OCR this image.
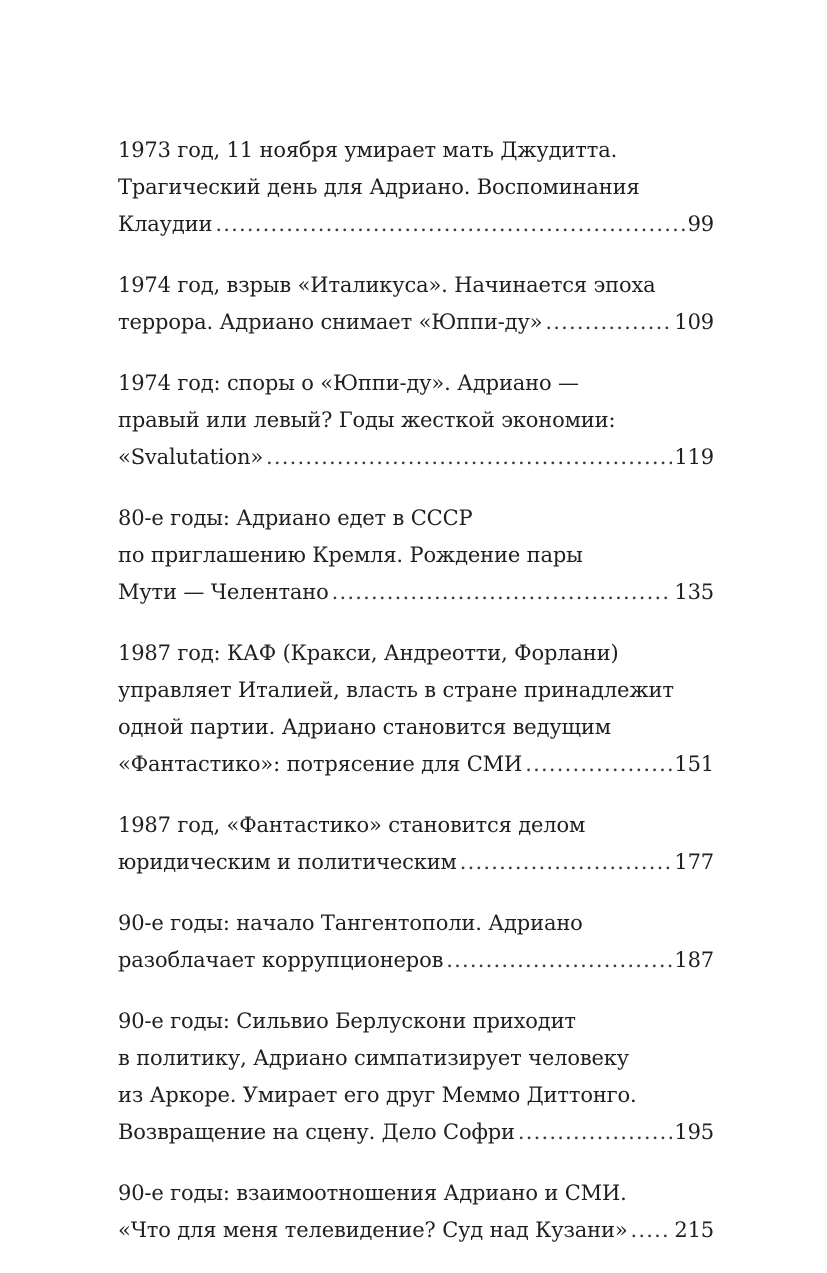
1973 год, 11 ноября умирает мать Джудитта.
Трагический день для Адриано. Воспоминания
Клаудии .....	99
1974 год, взрыв «Италикуса». Начинается эпоха
террора. Адриано снимает «Юппи-ду» .....	109
1974 год: споры о «Юппи-ду». Адриано —
правый или левый? Годы жесткой экономии:
«Svalutation» .....	119
80-е годы: Адриано едет в СССР
по приглашению Кремля. Рождение пары
Мути — Челентано .....	135
1987 год: КАФ (Кракси, Андреотти, Форлани)
управляет Италией, власть в стране принадлежит
одной партии. Адриано становится ведущим
«Фантастико»: потрясение для СМИ .....	151
1987 год, «Фантастико» становится делом
юридическим и политическим .....	177
90-е годы: начало Тангентополи. Адриано
разоблачает коррупционеров .....	187
90-е годы: Сильвио Берлускони приходит
в политику, Адриано симпатизирует человеку
из Аркоре. Умирает его друг Меммо Диттонго.
Возвращение на сцену. Дело Софри .....	195
90-е годы: взаимоотношения Адриано и СМИ.
«Что для меня телевидение? Суд над Кузани» ..... 215
